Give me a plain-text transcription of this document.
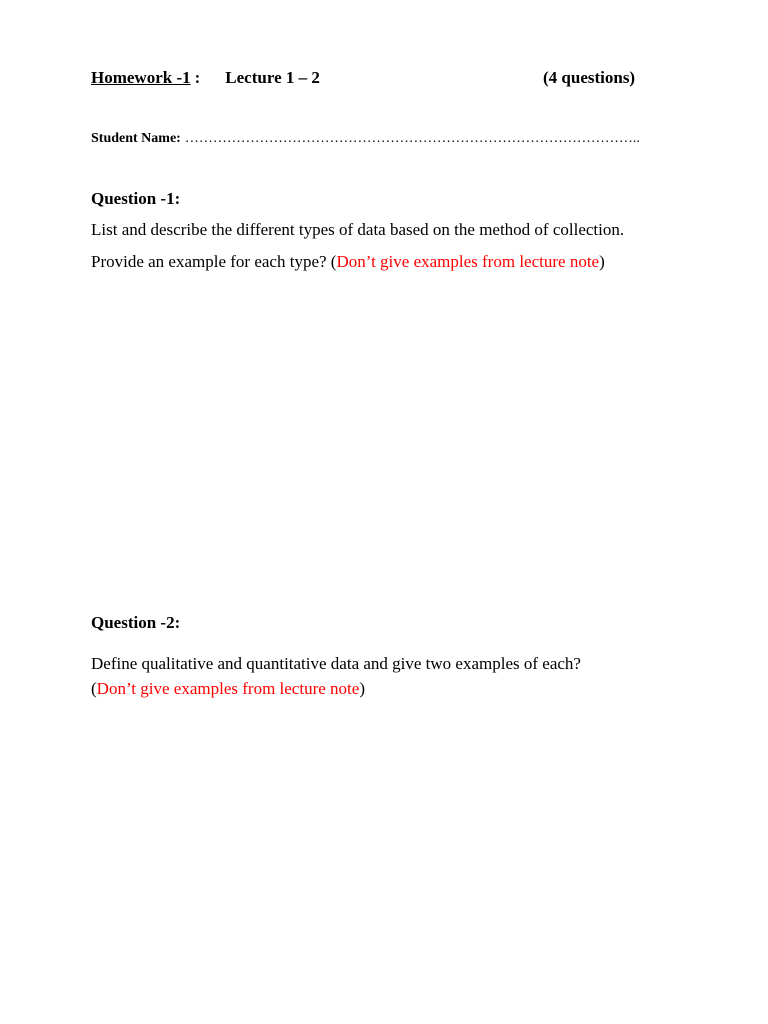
Homework -1 : Lecture 1 – 2	(4 questions)
Student Name: ……………………………………………………………………………………..
Question -1:
List and describe the different types of data based on the method of collection.
Provide an example for each type? (Don’t give examples from lecture note)
Question -2:
Define qualitative and quantitative data and give two examples of each?
(Don’t give examples from lecture note)
